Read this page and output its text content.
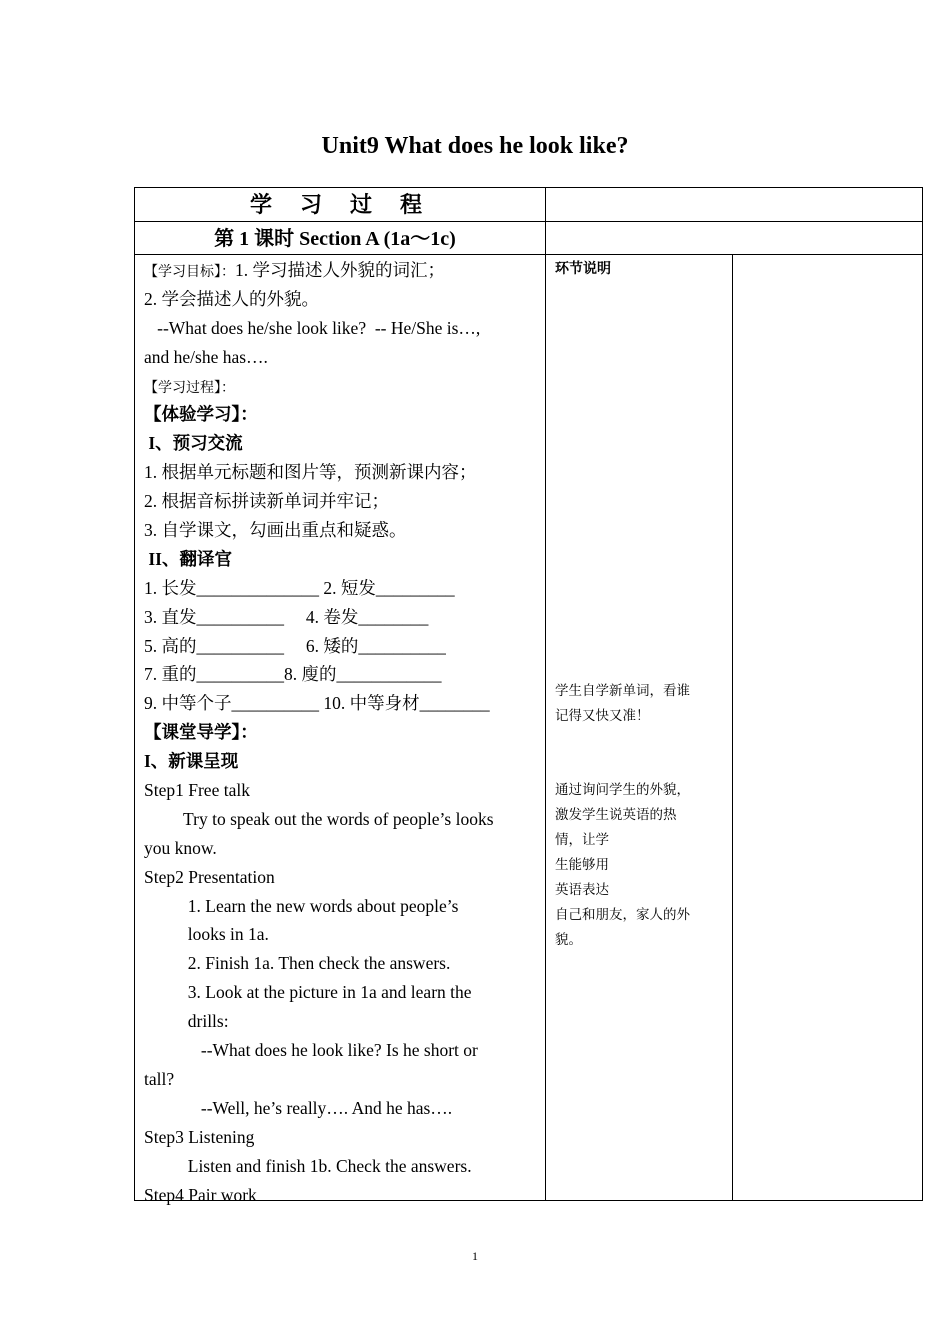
Unit9 What does he look like?
学习过程
第 1 课时 Section A (1a～1c)
【学习目标】：1. 学习描述人外貌的词汇；
2. 学会描述人的外貌。
--What does he/she look like?  -- He/She is…,
and he/she has….
【学习过程】：
【体验学习】：
I、预习交流
1. 根据单元标题和图片等，预测新课内容；
2. 根据音标拼读新单词并牢记；
3. 自学课文，勾画出重点和疑惑。
II、翻译官
1. 长发______________ 2. 短发_________
3. 直发__________     4. 卷发________
5. 高的__________     6. 矮的__________
7. 重的__________8. 廋的____________
9. 中等个子__________ 10. 中等身材________
【课堂导学】：
I、新课呈现
Step1 Free talk
Try to speak out the words of people’s looks
you know.
Step2 Presentation
1. Learn the new words about people’s
looks in 1a.
2. Finish 1a. Then check the answers.
3. Look at the picture in 1a and learn the
drills:
--What does he look like? Is he short or
tall?
--Well, he’s really…. And he has….
Step3 Listening
Listen and finish 1b. Check the answers.
Step4 Pair work
环节说明
学生自学新单词，看谁
记得又快又准！
通过询问学生的外貌，
激发学生说英语的热
情，让学
生能够用
英语表达
自己和朋友，家人的外
貌。
1
